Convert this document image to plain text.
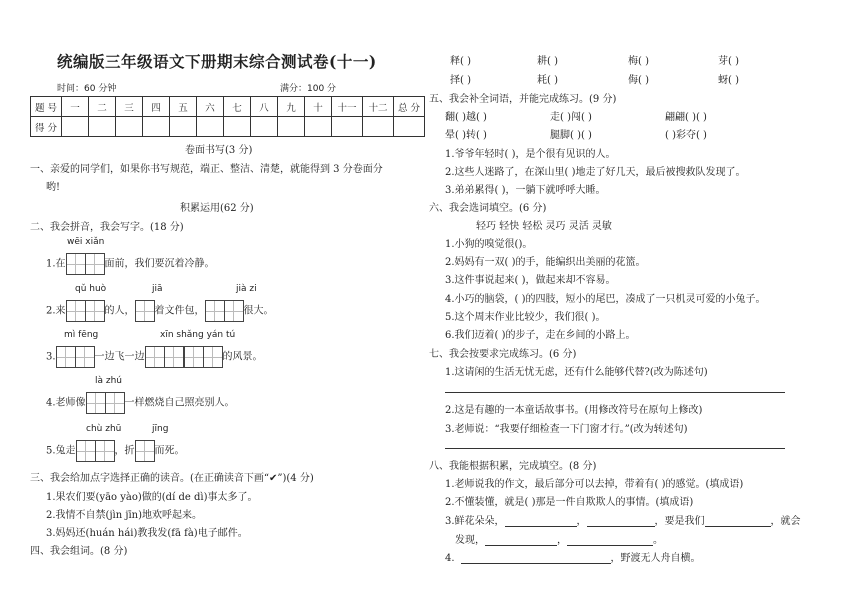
统编版三年级语文下册期末综合测试卷(十一)
时间：60 分钟	满分：100 分
题 号	一	二	三	四	五	六	七	八	九	十	十一	十二	总 分
得 分													
卷面书写(3 分)
一、亲爱的同学们，如果你书写规范，端正、整洁、清楚，就能得到 3 分卷面分
哟!
积累运用(62 分)
二、我会拼音，我会写字。(18 分)
wēi xiǎn
1.在	面前，我们要沉着冷静。
qǔ huò	jiā	jià zi
2.来	的人， 着文件包，	很大。
mì fēng	xīn shǎng yán tú
3.	一边飞一边	的风景。
là zhú
4.老师像	一样燃烧自己照亮别人。
chù zhū	jīng
5.兔走	，折 而死。
三、我会给加点字选择正确的读音。(在正确读音下画“✔”)(4 分)
1.果农们要(yāo yào)做的(dí de dì)事太多了。
2.我情不自禁(jìn jīn)地欢呼起来。
3.妈妈还(huán hái)教我发(fā fà)电子邮件。
四、我会组词。(8 分)
释( )	耕( )	梅( )	芽( )
择( )	耗( )	侮( )	蚜( )
五、我会补全词语，并能完成练习。(9 分)
翻( )越( )	走( )闯( )	翩翩( )( )
晕( )转( )	腿脚( )( )	( )彩夺( )
1.爷爷年轻时( )，是个很有见识的人。
2.这些人迷路了，在深山里( )地走了好几天，最后被搜救队发现了。
3.弟弟累得( )，一躺下就呼呼大睡。
六、我会选词填空。(6 分)
轻巧 轻快 轻松 灵巧 灵活 灵敏
1.小狗的嗅觉很()。
2.妈妈有一双( )的手，能编织出美丽的花篮。
3.这件事说起来( )，做起来却不容易。
4.小巧的脑袋，( )的四肢，短小的尾巴，凑成了一只机灵可爱的小兔子。
5.这个周末作业比较少，我们很( )。
6.我们迈着( )的步子，走在乡间的小路上。
七、我会按要求完成练习。(6 分)
1.这请闲的生活无忧无虑，还有什么能够代替?(改为陈述句)
2.这是有趣的一本童话故事书。(用修改符号在原句上修改)
3.老师说：“我要仔细检查一下门窗才行。”(改为转述句)
八、我能根据积累，完成填空。(8 分)
1.老师说我的作文，最后部分可以去掉，带着有( )的感觉。(填成语)
2.不懂装懂，就是( )那是一件自欺欺人的事情。(填成语)
3.鲜花朵朵，	，	，要是我们	，就会
发现，	，	。
4.	，野渡无人舟自横。
